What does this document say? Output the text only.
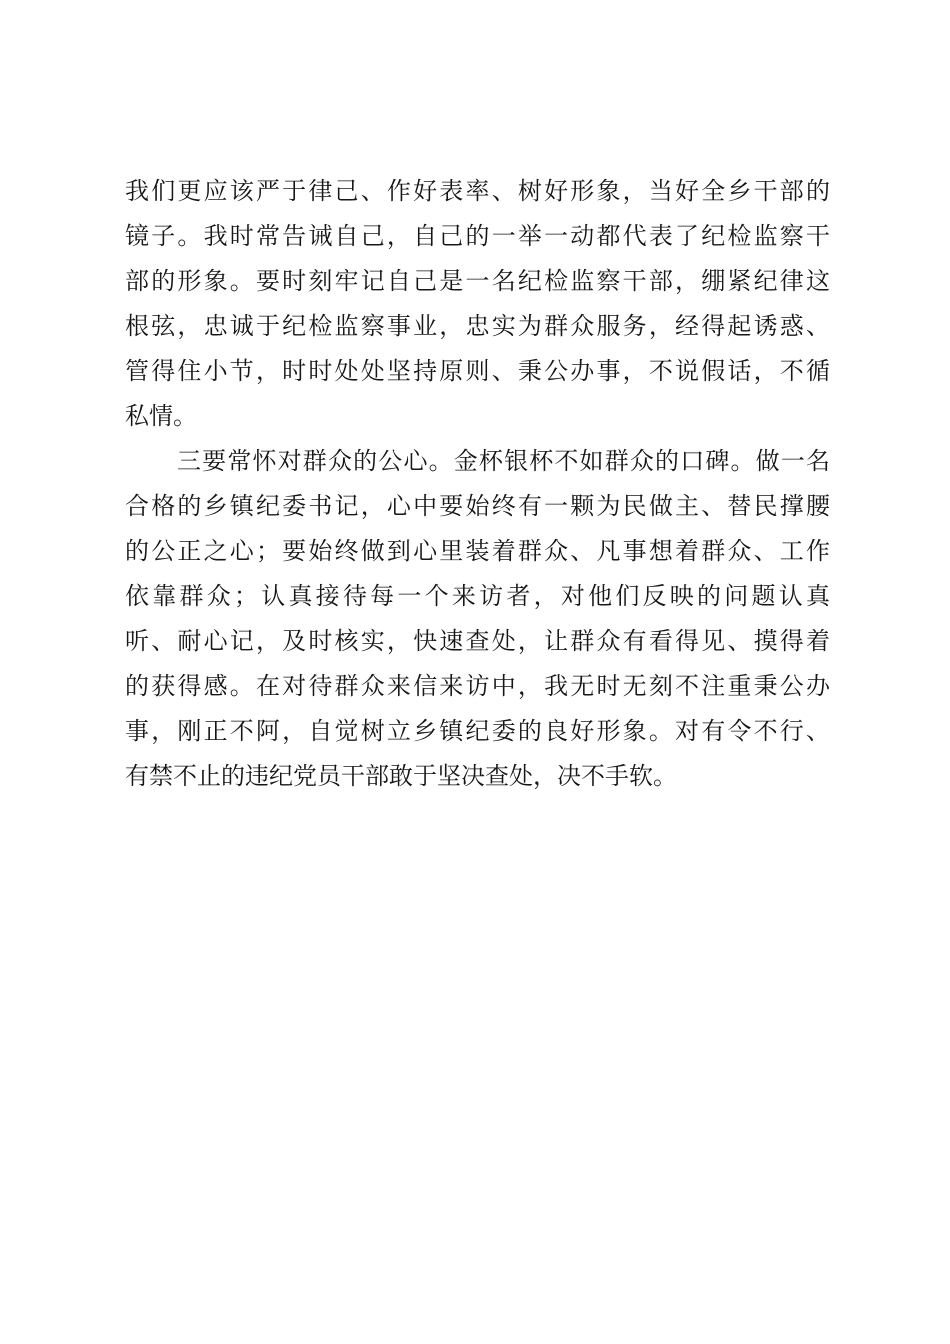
我们更应该严于律己、作好表率、树好形象，当好全乡干部的
镜子。我时常告诫自己，自己的一举一动都代表了纪检监察干
部的形象。要时刻牢记自己是一名纪检监察干部，绷紧纪律这
根弦，忠诚于纪检监察事业，忠实为群众服务，经得起诱惑、
管得住小节，时时处处坚持原则、秉公办事，不说假话，不循
私情。
三要常怀对群众的公心。金杯银杯不如群众的口碑。做一名
合格的乡镇纪委书记，心中要始终有一颗为民做主、替民撑腰
的公正之心；要始终做到心里装着群众、凡事想着群众、工作
依靠群众；认真接待每一个来访者，对他们反映的问题认真
听、耐心记，及时核实，快速查处，让群众有看得见、摸得着
的获得感。在对待群众来信来访中，我无时无刻不注重秉公办
事，刚正不阿，自觉树立乡镇纪委的良好形象。对有令不行、
有禁不止的违纪党员干部敢于坚决查处，决不手软。
